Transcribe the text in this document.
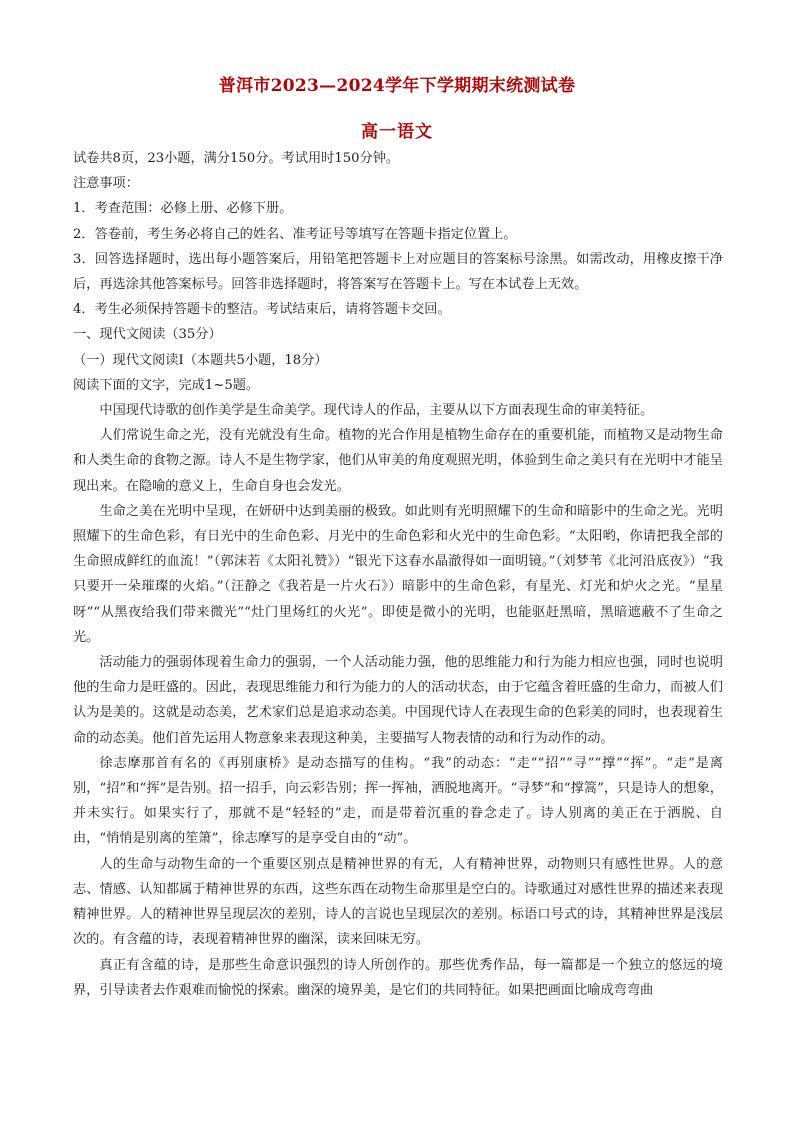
普洱市2023—2024学年下学期期末统测试卷
高一语文

试卷共8页，23小题，满分150分。考试用时150分钟。

注意事项：

1．考查范围：必修上册、必修下册。

2．答卷前，考生务必将自己的姓名、准考证号等填写在答题卡指定位置上。

3．回答选择题时，选出每小题答案后，用铅笔把答题卡上对应题目的答案标号涂黑。如需改动，用橡皮擦干净后，再选涂其他答案标号。回答非选择题时，将答案写在答题卡上。写在本试卷上无效。

4．考生必须保持答题卡的整洁。考试结束后，请将答题卡交回。

一、现代文阅读（35分）

（一）现代文阅读Ⅰ（本题共5小题，18分）

阅读下面的文字，完成1~5题。

中国现代诗歌的创作美学是生命美学。现代诗人的作品，主要从以下方面表现生命的审美特征。

人们常说生命之光，没有光就没有生命。植物的光合作用是植物生命存在的重要机能，而植物又是动物生命和人类生命的食物之源。诗人不是生物学家，他们从审美的角度观照光明，体验到生命之美只有在光明中才能呈现出来。在隐喻的意义上，生命自身也会发光。

生命之美在光明中呈现，在妍研中达到美丽的极致。如此则有光明照耀下的生命和暗影中的生命之光。光明照耀下的生命色彩，有日光中的生命色彩、月光中的生命色彩和火光中的生命色彩。“太阳哟，你请把我全部的生命照成鲜红的血流！”（郭沫若《太阳礼赞》）“银光下这春水晶澈得如一面明镜。”（刘梦苇《北河沿底夜》）“我只要开一朵璀璨的火焰。”（汪静之《我若是一片火石》）暗影中的生命色彩，有星光、灯光和炉火之光。“星星呀”“从黑夜给我们带来微光”“灶门里炀红的火光”。即使是微小的光明，也能驱赶黑暗，黑暗遮蔽不了生命之光。

活动能力的强弱体现着生命力的强弱，一个人活动能力强，他的思维能力和行为能力相应也强，同时也说明他的生命力是旺盛的。因此，表现思维能力和行为能力的人的活动状态，由于它蕴含着旺盛的生命力，而被人们认为是美的。这就是动态美，艺术家们总是追求动态美。中国现代诗人在表现生命的色彩美的同时，也表现着生命的动态美。他们首先运用人物意象来表现这种美，主要描写人物表情的动和行为动作的动。

徐志摩那首有名的《再别康桥》是动态描写的佳构。“我”的动态：“走”“招”“寻”“撑”“挥”。“走”是离别，“招”和“挥”是告别。招一招手，向云彩告别；挥一挥袖，洒脱地离开。“寻梦”和“撑篙”，只是诗人的想象，并未实行。如果实行了，那就不是“轻轻的”走，而是带着沉重的眷念走了。诗人别离的美正在于洒脱、自由，“悄悄是别离的笙箫”，徐志摩写的是享受自由的“动”。

人的生命与动物生命的一个重要区别点是精神世界的有无，人有精神世界，动物则只有感性世界。人的意志、情感、认知都属于精神世界的东西，这些东西在动物生命那里是空白的。诗歌通过对感性世界的描述来表现精神世界。人的精神世界呈现层次的差别，诗人的言说也呈现层次的差别。标语口号式的诗，其精神世界是浅层次的。有含蕴的诗，表现着精神世界的幽深，读来回味无穷。

真正有含蕴的诗，是那些生命意识强烈的诗人所创作的。那些优秀作品，每一篇都是一个独立的悠远的境界，引导读者去作艰难而愉悦的探索。幽深的境界美，是它们的共同特征。如果把画面比喻成弯弯曲
